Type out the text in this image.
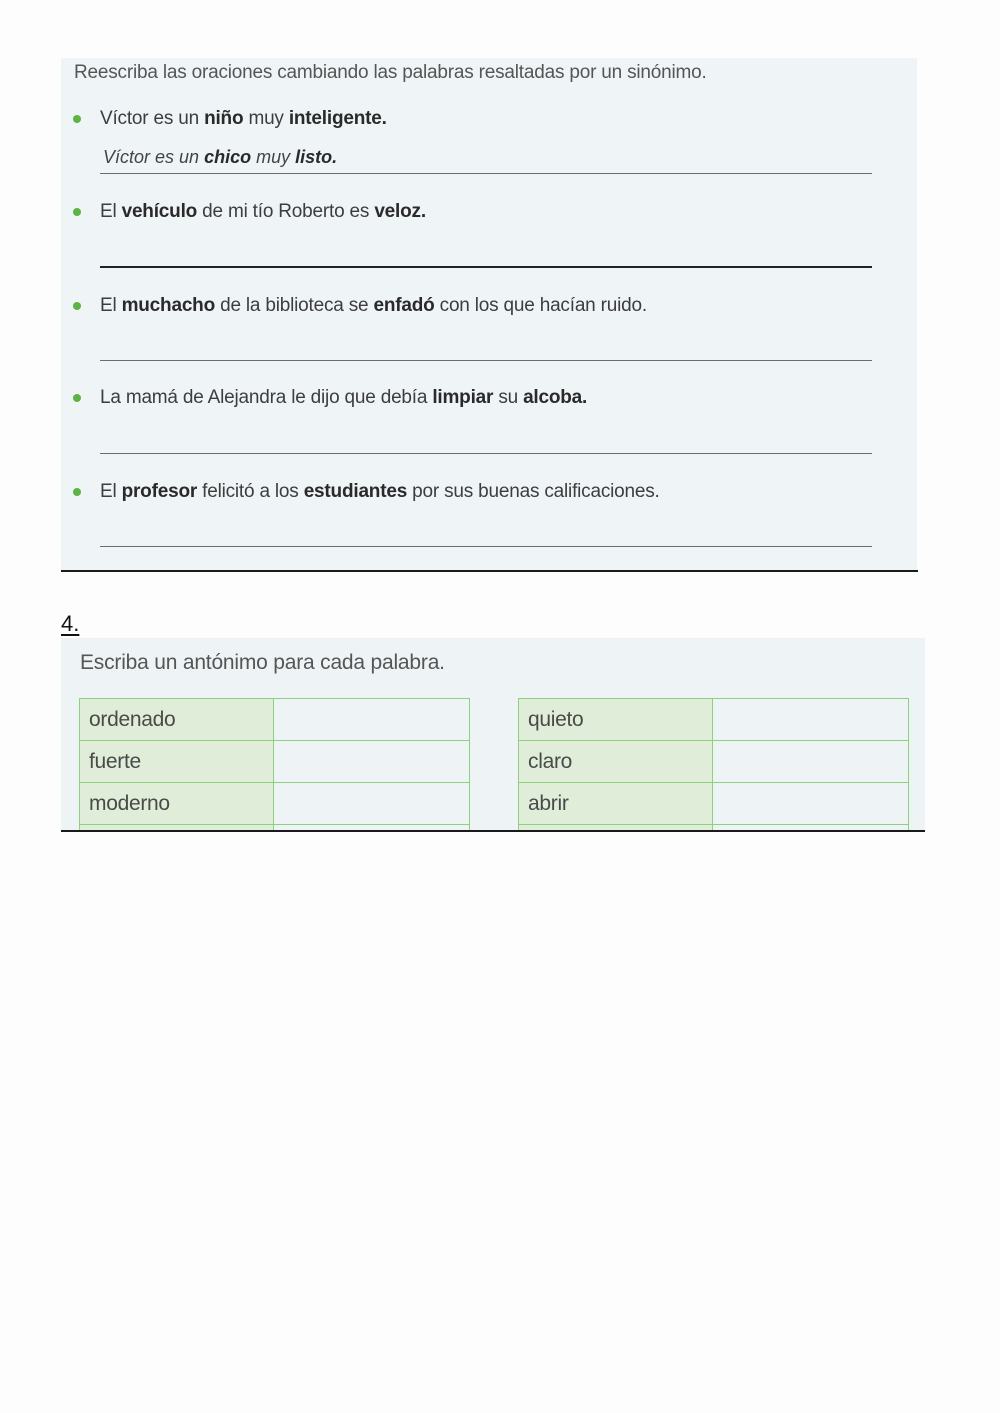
Reescriba las oraciones cambiando las palabras resaltadas por un sinónimo.
Víctor es un niño muy inteligente.
Víctor es un chico muy listo.
El vehículo de mi tío Roberto es veloz.
El muchacho de la biblioteca se enfadó con los que hacían ruido.
La mamá de Alejandra le dijo que debía limpiar su alcoba.
El profesor felicitó a los estudiantes por sus buenas calificaciones.
4.
Escriba un antónimo para cada palabra.
ordenado	
fuerte	
moderno	

quieto	
claro	
abrir	
